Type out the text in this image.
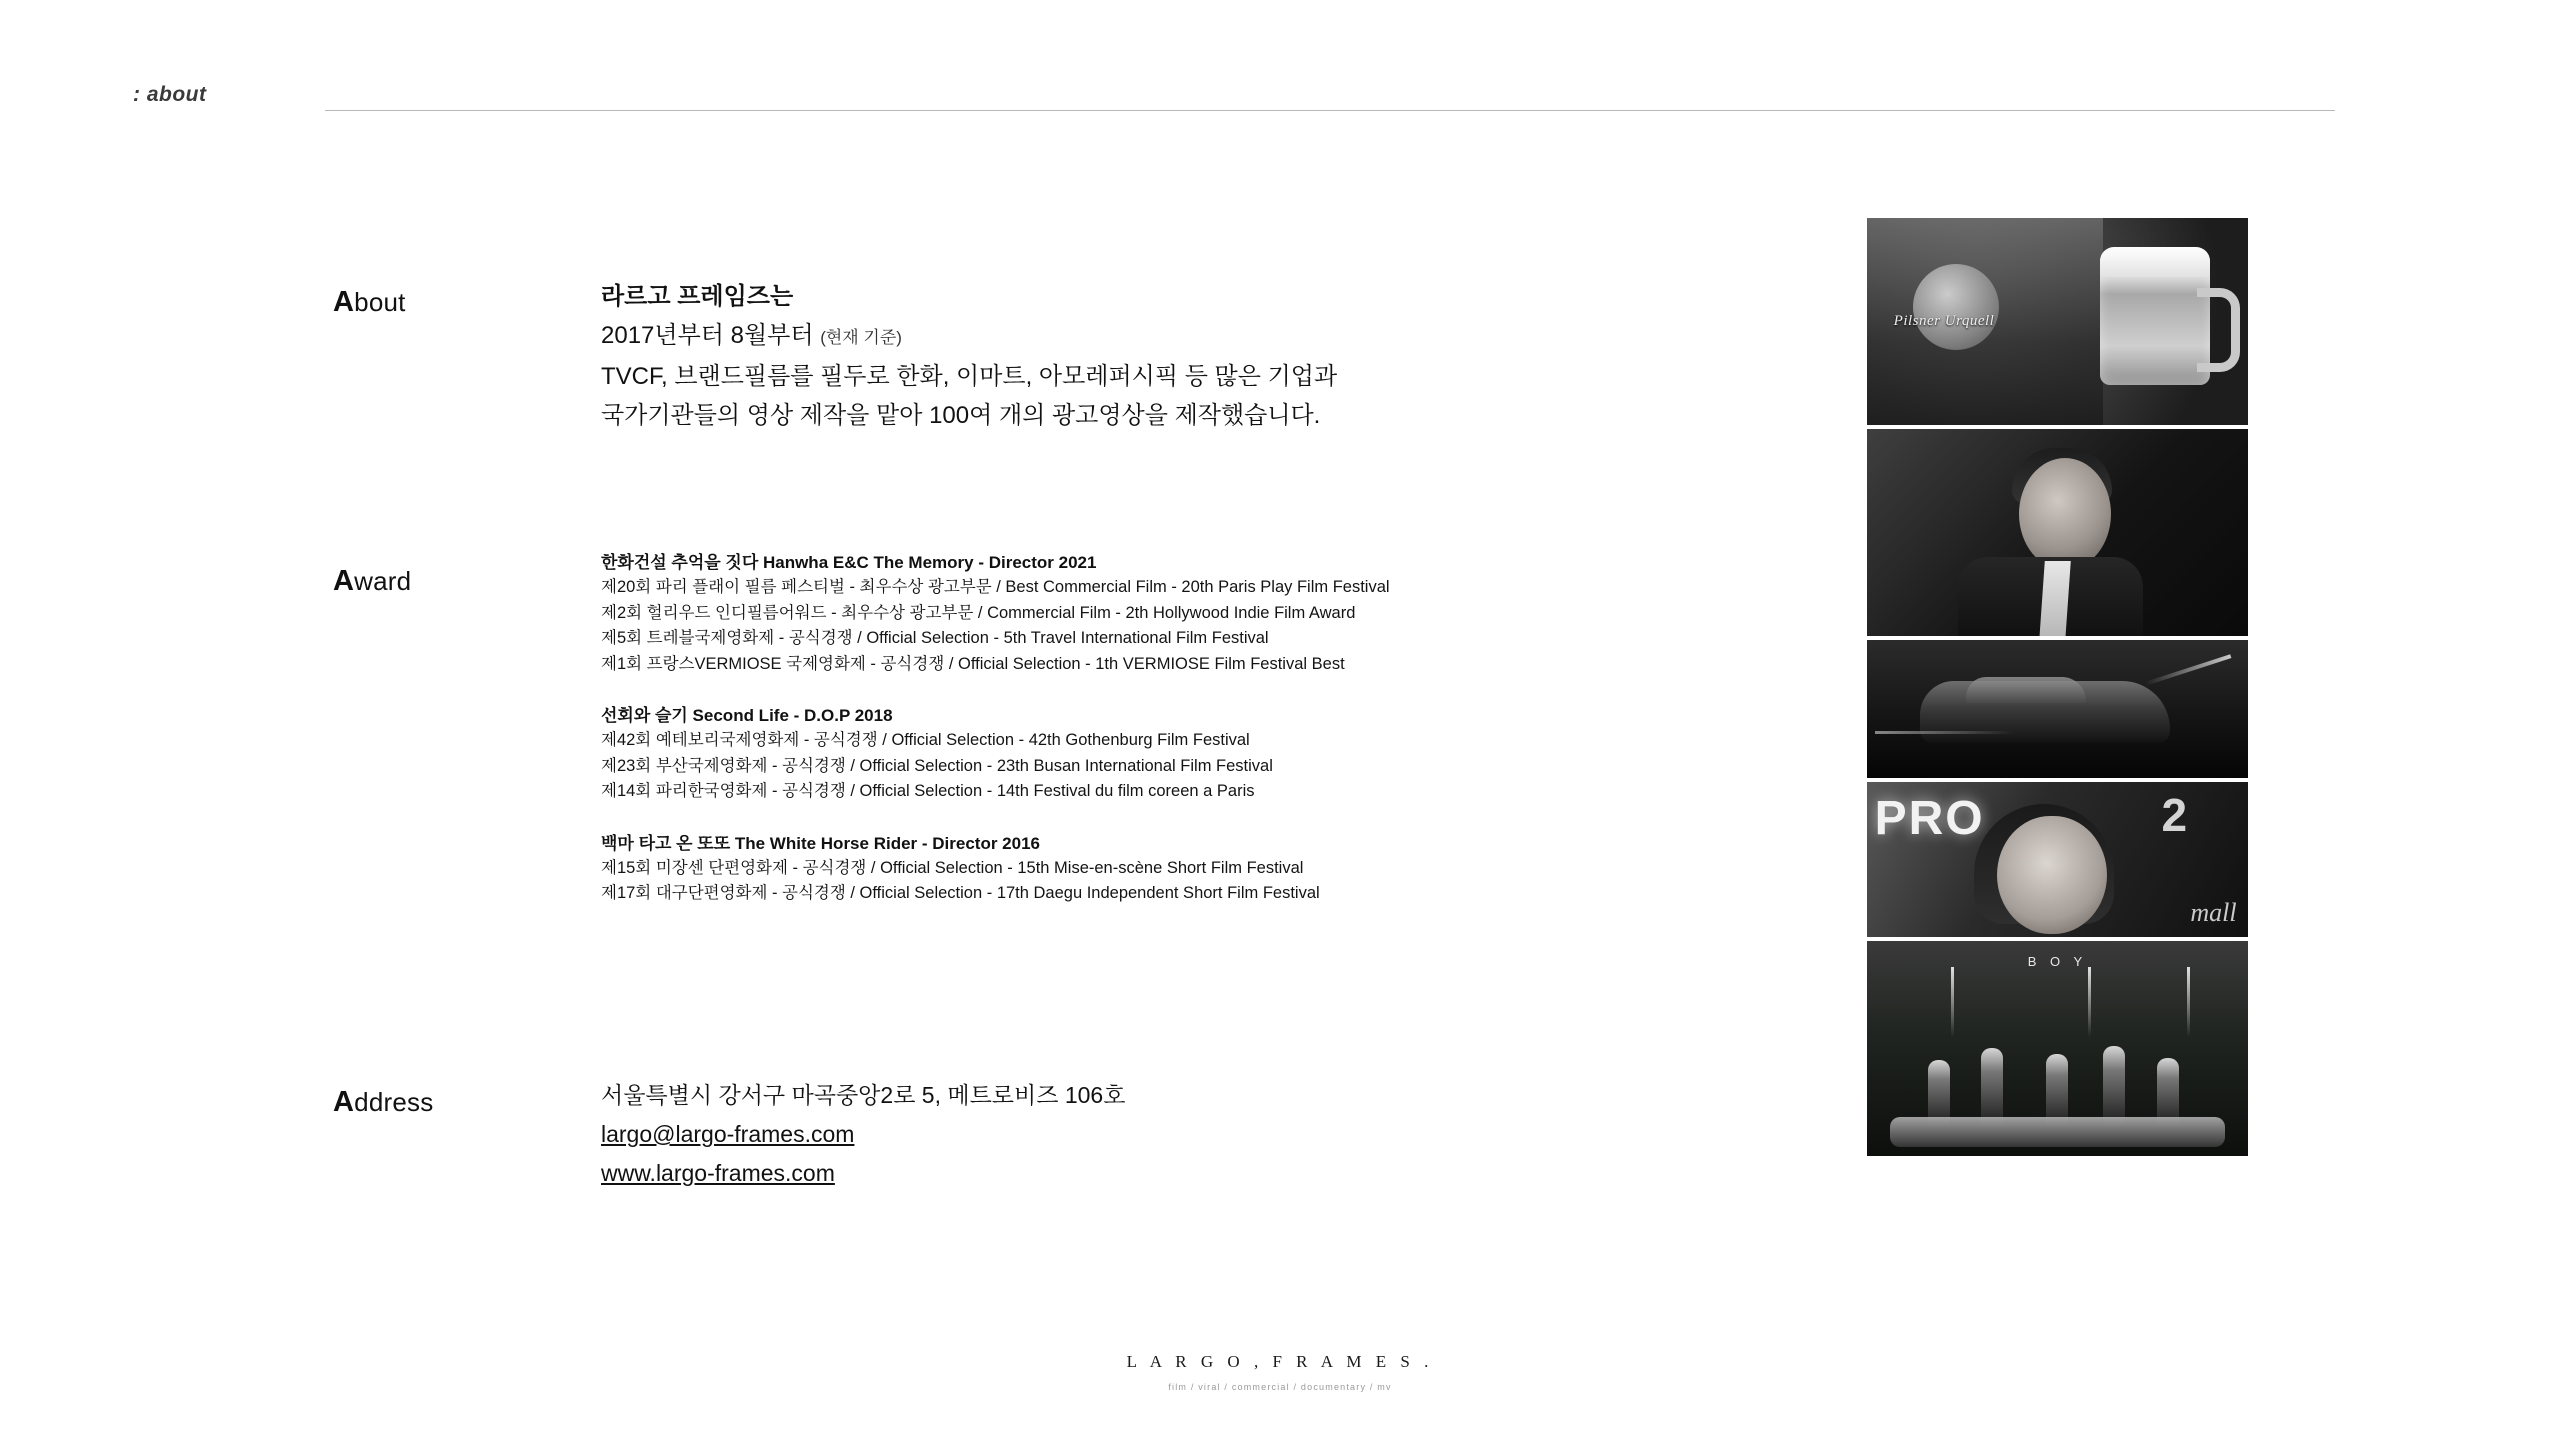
: about
About	라르고 프레임즈는
2017년부터 8월부터 (현재 기준)
TVCF, 브랜드필름를 필두로 한화, 이마트, 아모레퍼시픽 등 많은 기업과
국가기관들의 영상 제작을 맡아 100여 개의 광고영상을 제작했습니다.
Award
한화건설 추억을 짓다 Hanwha E&C The Memory - Director 2021
제20회 파리 플래이 필름 페스티벌 - 최우수상 광고부문 / Best Commercial Film - 20th Paris Play Film Festival
제2회 헐리우드 인디필름어워드 - 최우수상 광고부문 / Commercial Film - 2th Hollywood Indie Film Award
제5회 트레블국제영화제 - 공식경쟁 / Official Selection - 5th Travel International Film Festival
제1회 프랑스VERMIOSE 국제영화제 - 공식경쟁 / Official Selection - 1th VERMIOSE Film Festival Best
선회와 슬기 Second Life - D.O.P 2018
제42회 예테보리국제영화제 - 공식경쟁 / Official Selection - 42th Gothenburg Film Festival
제23회 부산국제영화제 - 공식경쟁 / Official Selection - 23th Busan International Film Festival
제14회 파리한국영화제 - 공식경쟁 / Official Selection - 14th Festival du film coreen a Paris
백마 타고 온 또또 The White Horse Rider - Director 2016
제15회 미장센 단편영화제 - 공식경쟁 / Official Selection - 15th Mise-en-scène Short Film Festival
제17회 대구단편영화제 - 공식경쟁 / Official Selection - 17th Daegu Independent Short Film Festival
Address	서울특별시 강서구 마곡중앙2로 5, 메트로비즈 106호
largo@largo-frames.com
www.largo-frames.com
Pilsner Urquell
PRO	2
mall
B O Y
L A R G O , F R A M E S .
film / viral / commercial / documentary / mv
